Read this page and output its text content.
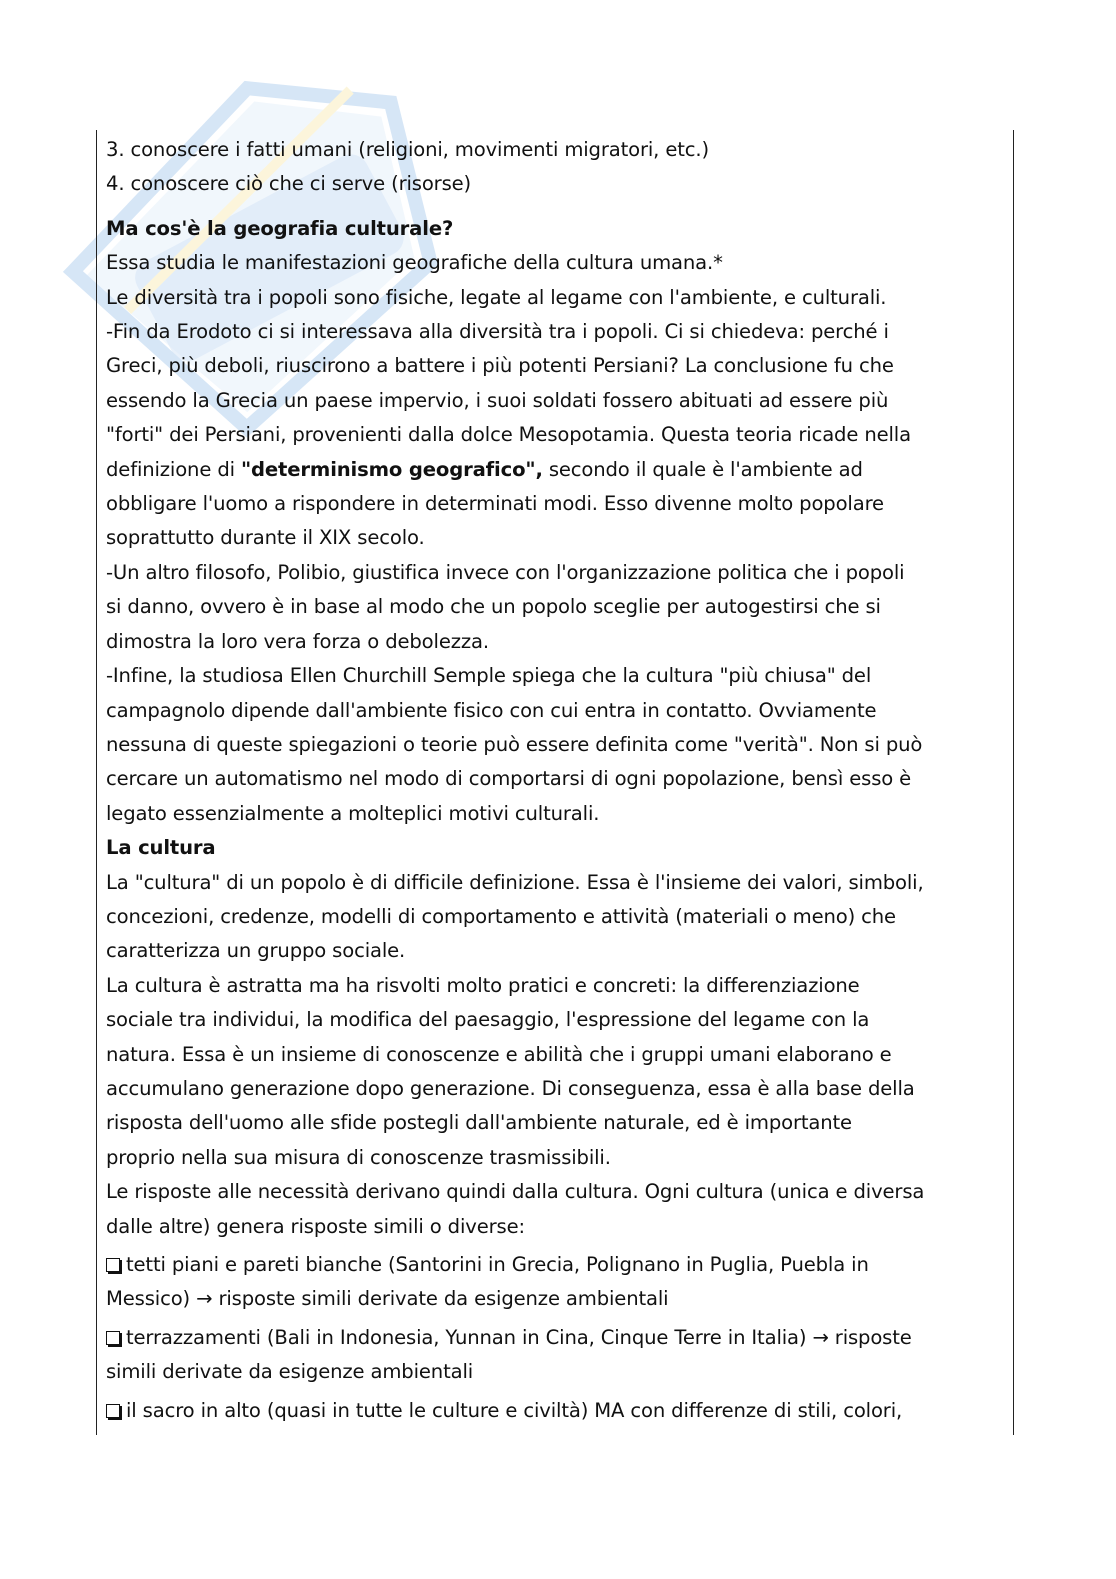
3. conoscere i fatti umani (religioni, movimenti migratori, etc.)

4. conoscere ciò che ci serve (risorse)

Ma cos'è la geografia culturale?

Essa studia le manifestazioni geografiche della cultura umana.*

Le diversità tra i popoli sono fisiche, legate al legame con l'ambiente, e culturali.

-Fin da Erodoto ci si interessava alla diversità tra i popoli. Ci si chiedeva: perché i

Greci, più deboli, riuscirono a battere i più potenti Persiani? La conclusione fu che

essendo la Grecia un paese impervio, i suoi soldati fossero abituati ad essere più

"forti" dei Persiani, provenienti dalla dolce Mesopotamia. Questa teoria ricade nella

definizione di "determinismo geografico", secondo il quale è l'ambiente ad

obbligare l'uomo a rispondere in determinati modi. Esso divenne molto popolare

soprattutto durante il XIX secolo.

-Un altro filosofo, Polibio, giustifica invece con l'organizzazione politica che i popoli

si danno, ovvero è in base al modo che un popolo sceglie per autogestirsi che si

dimostra la loro vera forza o debolezza.

-Infine, la studiosa Ellen Churchill Semple spiega che la cultura "più chiusa" del

campagnolo dipende dall'ambiente fisico con cui entra in contatto. Ovviamente

nessuna di queste spiegazioni o teorie può essere definita come "verità". Non si può

cercare un automatismo nel modo di comportarsi di ogni popolazione, bensì esso è

legato essenzialmente a molteplici motivi culturali.

La cultura

La "cultura" di un popolo è di difficile definizione. Essa è l'insieme dei valori, simboli,

concezioni, credenze, modelli di comportamento e attività (materiali o meno) che

caratterizza un gruppo sociale.

La cultura è astratta ma ha risvolti molto pratici e concreti: la differenziazione

sociale tra individui, la modifica del paesaggio, l'espressione del legame con la

natura. Essa è un insieme di conoscenze e abilità che i gruppi umani elaborano e

accumulano generazione dopo generazione. Di conseguenza, essa è alla base della

risposta dell'uomo alle sfide postegli dall'ambiente naturale, ed è importante

proprio nella sua misura di conoscenze trasmissibili.

Le risposte alle necessità derivano quindi dalla cultura. Ogni cultura (unica e diversa

dalle altre) genera risposte simili o diverse:

tetti piani e pareti bianche (Santorini in Grecia, Polignano in Puglia, Puebla in

Messico) → risposte simili derivate da esigenze ambientali

terrazzamenti (Bali in Indonesia, Yunnan in Cina, Cinque Terre in Italia) → risposte

simili derivate da esigenze ambientali

il sacro in alto (quasi in tutte le culture e civiltà) MA con differenze di stili, colori,
